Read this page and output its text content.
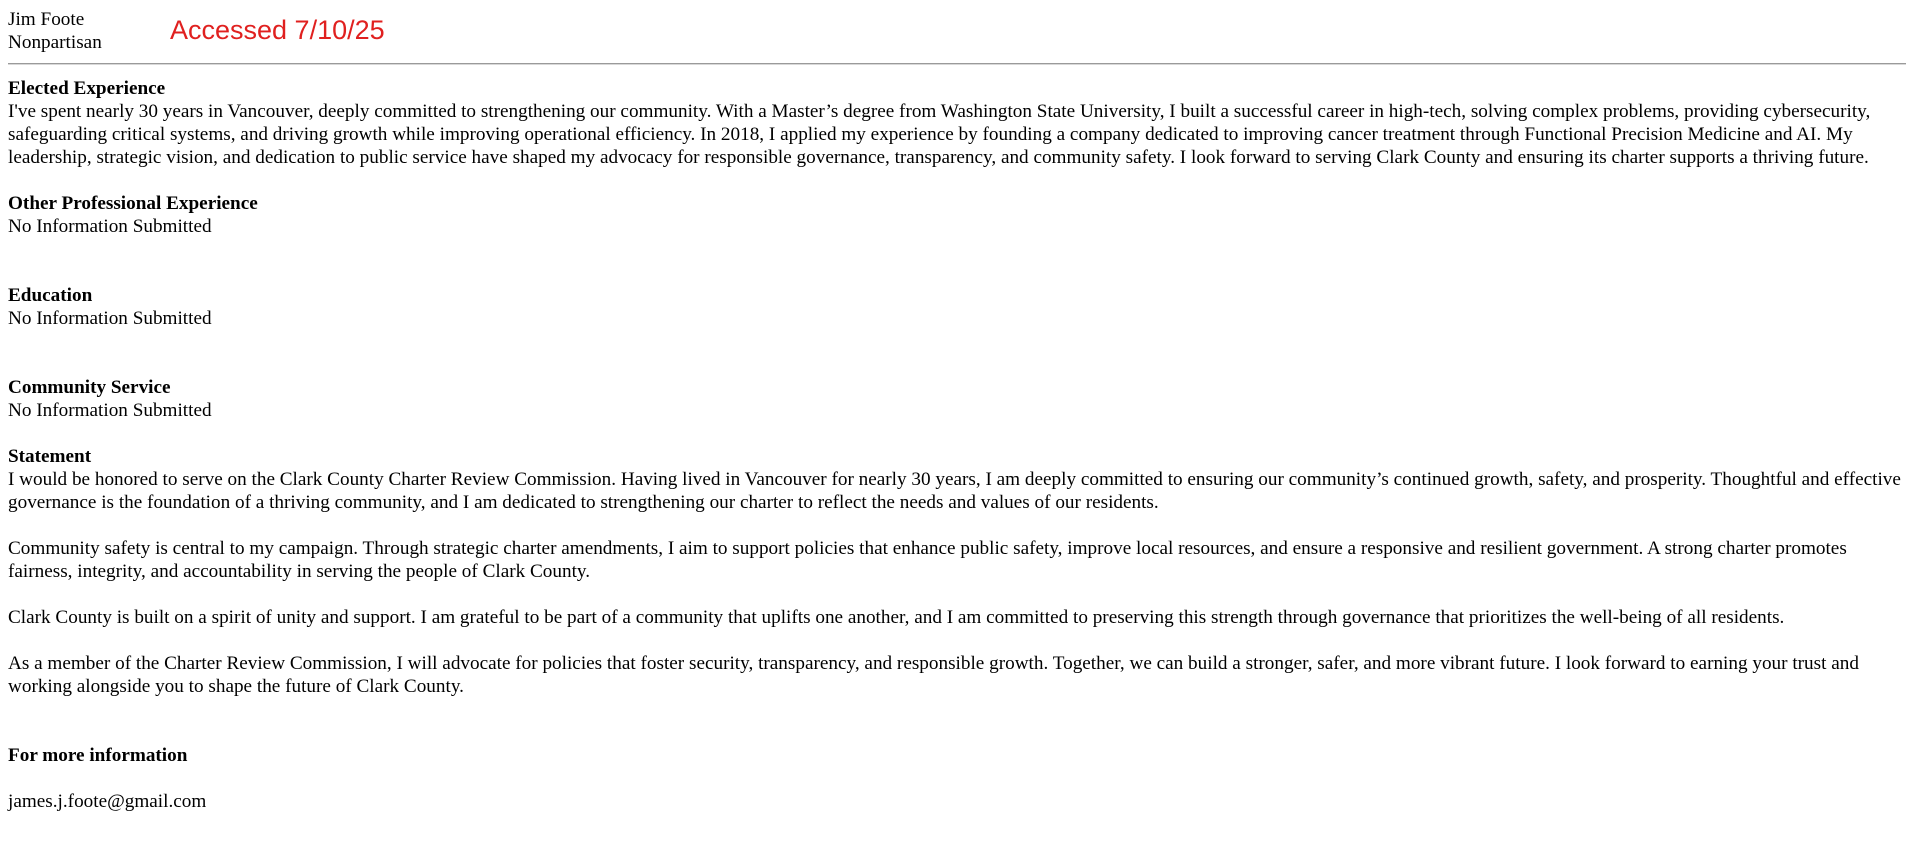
Jim Foote
Nonpartisan	Accessed 7/10/25
Elected Experience

I've spent nearly 30 years in Vancouver, deeply committed to strengthening our community. With a Master’s degree from Washington State University, I built a successful career in high-tech, solving complex problems, providing cybersecurity, safeguarding critical systems, and driving growth while improving operational efficiency. In 2018, I applied my experience by founding a company dedicated to improving cancer treatment through Functional Precision Medicine and AI. My leadership, strategic vision, and dedication to public service have shaped my advocacy for responsible governance, transparency, and community safety. I look forward to serving Clark County and ensuring its charter supports a thriving future.

Other Professional Experience

No Information Submitted

Education

No Information Submitted

Community Service

No Information Submitted

Statement

I would be honored to serve on the Clark County Charter Review Commission. Having lived in Vancouver for nearly 30 years, I am deeply committed to ensuring our community’s continued growth, safety, and prosperity. Thoughtful and effective governance is the foundation of a thriving community, and I am dedicated to strengthening our charter to reflect the needs and values of our residents.

Community safety is central to my campaign. Through strategic charter amendments, I aim to support policies that enhance public safety, improve local resources, and ensure a responsive and resilient government. A strong charter promotes fairness, integrity, and accountability in serving the people of Clark County.

Clark County is built on a spirit of unity and support. I am grateful to be part of a community that uplifts one another, and I am committed to preserving this strength through governance that prioritizes the well-being of all residents.

As a member of the Charter Review Commission, I will advocate for policies that foster security, transparency, and responsible growth. Together, we can build a stronger, safer, and more vibrant future. I look forward to earning your trust and working alongside you to shape the future of Clark County.

For more information
james.j.foote@gmail.com
